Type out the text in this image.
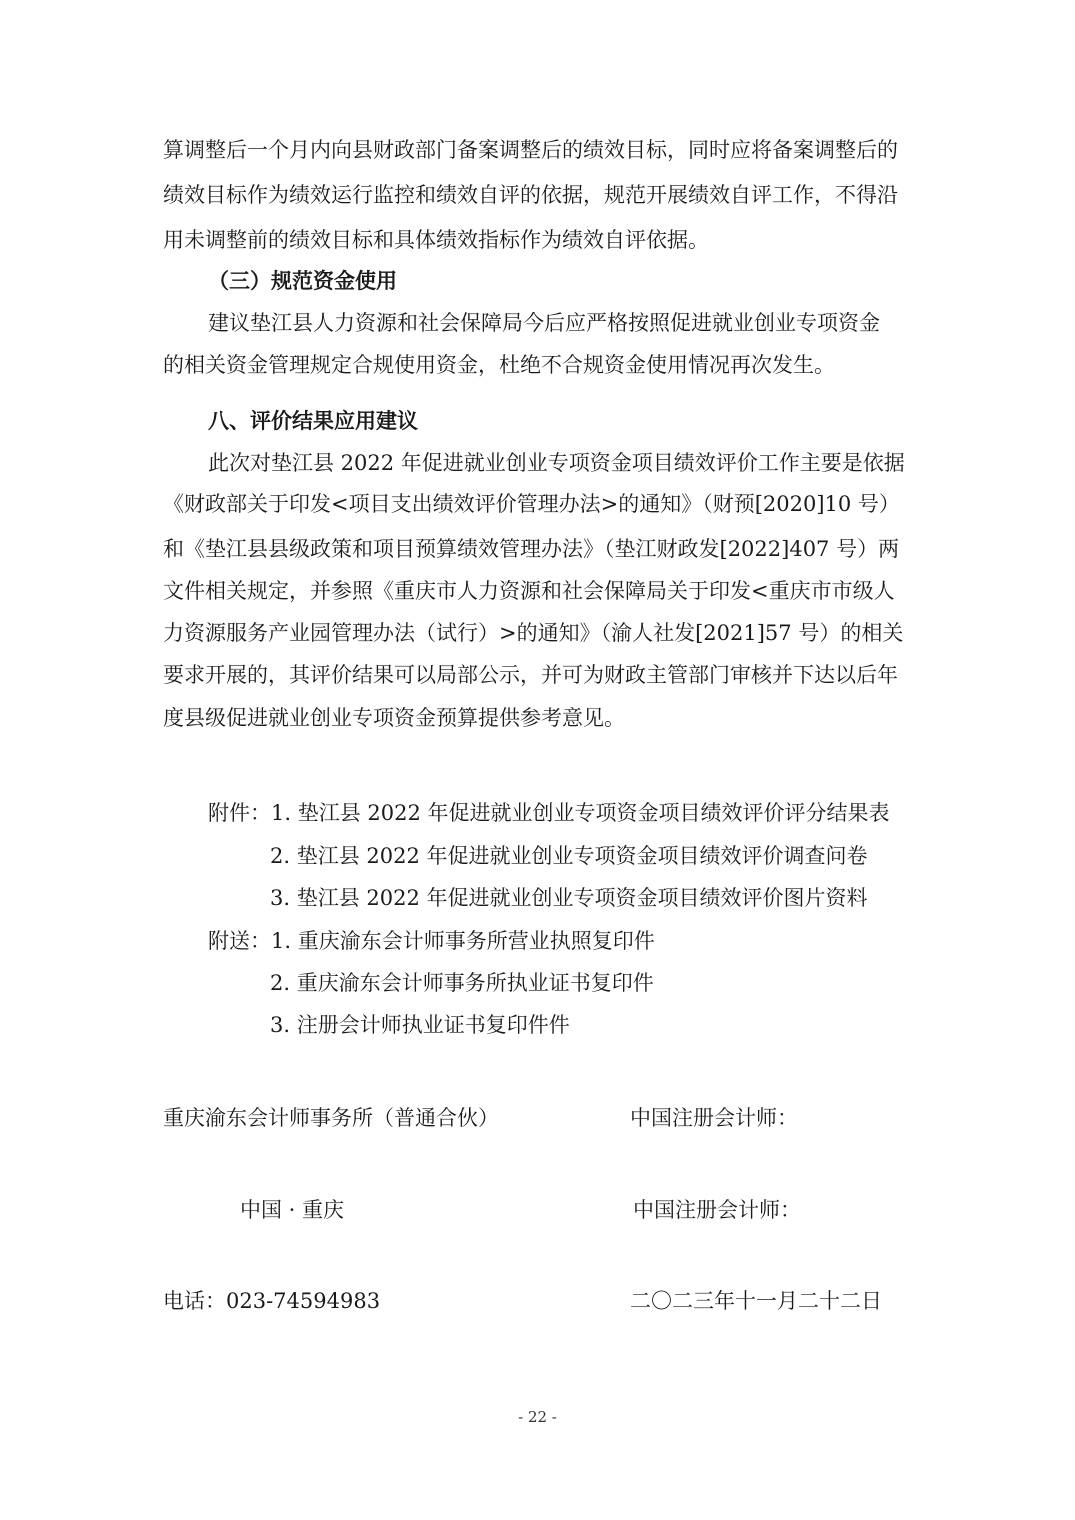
算调整后一个月内向县财政部门备案调整后的绩效目标，同时应将备案调整后的
绩效目标作为绩效运行监控和绩效自评的依据，规范开展绩效自评工作，不得沿
用未调整前的绩效目标和具体绩效指标作为绩效自评依据。
（三）规范资金使用
建议垫江县人力资源和社会保障局今后应严格按照促进就业创业专项资金
的相关资金管理规定合规使用资金，杜绝不合规资金使用情况再次发生。
八、评价结果应用建议
此次对垫江县 2022 年促进就业创业专项资金项目绩效评价工作主要是依据
《财政部关于印发<项目支出绩效评价管理办法>的通知》（财预[2020]10 号）
和《垫江县县级政策和项目预算绩效管理办法》（垫江财政发[2022]407 号）两
文件相关规定，并参照《重庆市人力资源和社会保障局关于印发<重庆市市级人
力资源服务产业园管理办法（试行）>的通知》（渝人社发[2021]57 号）的相关
要求开展的，其评价结果可以局部公示，并可为财政主管部门审核并下达以后年
度县级促进就业创业专项资金预算提供参考意见。
附件：1. 垫江县 2022 年促进就业创业专项资金项目绩效评价评分结果表
2. 垫江县 2022 年促进就业创业专项资金项目绩效评价调查问卷
3. 垫江县 2022 年促进就业创业专项资金项目绩效评价图片资料
附送：1. 重庆渝东会计师事务所营业执照复印件
2. 重庆渝东会计师事务所执业证书复印件
3. 注册会计师执业证书复印件件
重庆渝东会计师事务所（普通合伙）	中国注册会计师：
中国 · 重庆	中国注册会计师：
电话：023-74594983	二〇二三年十一月二十二日
- 22 -
